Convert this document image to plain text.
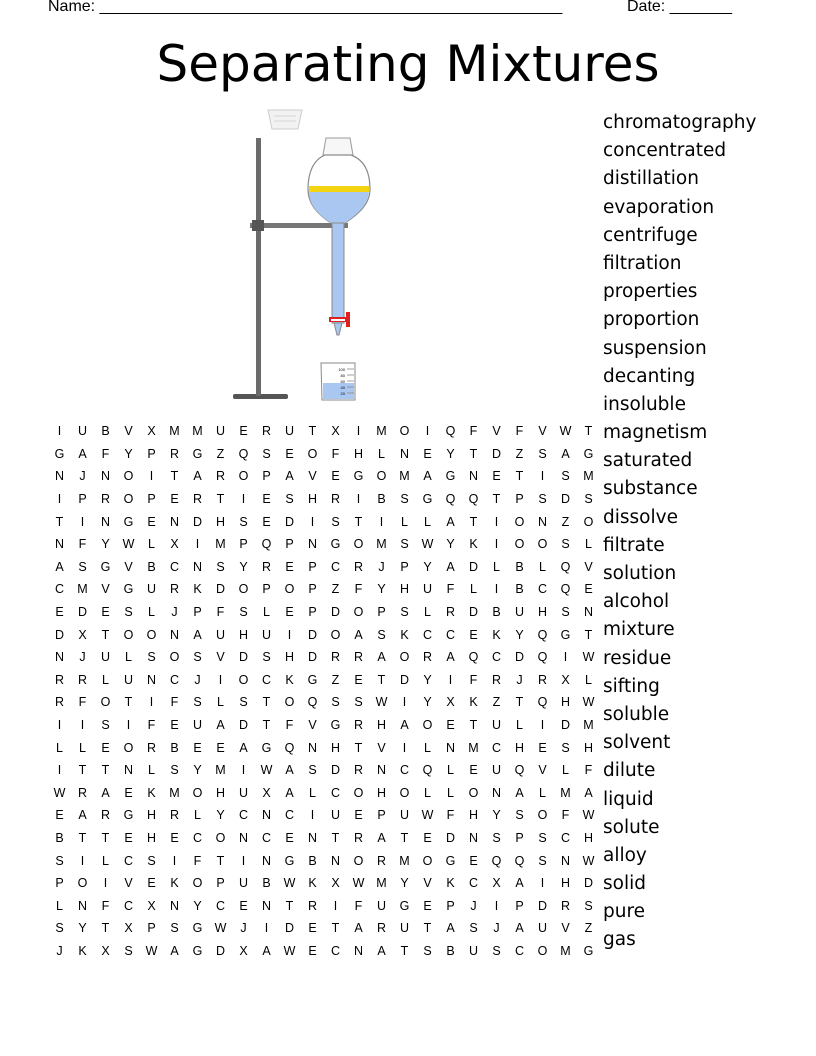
Name: ____________________________________________________	Date: _______
Separating Mixtures
100
80
60
40
20
I	U	B	V	X	M	M	U	E	R	U	T	X	I	M	O	I	Q	F	V	F	V	W	T
G	A	F	Y	P	R	G	Z	Q	S	E	O	F	H	L	N	E	Y	T	D	Z	S	A	G
N	J	N	O	I	T	A	R	O	P	A	V	E	G	O	M	A	G	N	E	T	I	S	M
I	P	R	O	P	E	R	T	I	E	S	H	R	I	B	S	G	Q	Q	T	P	S	D	S
T	I	N	G	E	N	D	H	S	E	D	I	S	T	I	L	L	A	T	I	O	N	Z	O
N	F	Y	W	L	X	I	M	P	Q	P	N	G	O	M	S	W	Y	K	I	O	O	S	L
A	S	G	V	B	C	N	S	Y	R	E	P	C	R	J	P	Y	A	D	L	B	L	Q	V
C	M	V	G	U	R	K	D	O	P	O	P	Z	F	Y	H	U	F	L	I	B	C	Q	E
E	D	E	S	L	J	P	F	S	L	E	P	D	O	P	S	L	R	D	B	U	H	S	N
D	X	T	O	O	N	A	U	H	U	I	D	O	A	S	K	C	C	E	K	Y	Q	G	T
N	J	U	L	S	O	S	V	D	S	H	D	R	R	A	O	R	A	Q	C	D	Q	I	W
R	R	L	U	N	C	J	I	O	C	K	G	Z	E	T	D	Y	I	F	R	J	R	X	L
R	F	O	T	I	F	S	L	S	T	O	Q	S	S	W	I	Y	X	K	Z	T	Q	H	W
I	I	S	I	F	E	U	A	D	T	F	V	G	R	H	A	O	E	T	U	L	I	D	M
L	L	E	O	R	B	E	E	A	G	Q	N	H	T	V	I	L	N	M	C	H	E	S	H
I	T	T	N	L	S	Y	M	I	W	A	S	D	R	N	C	Q	L	E	U	Q	V	L	F
W	R	A	E	K	M	O	H	U	X	A	L	C	O	H	O	L	L	O	N	A	L	M	A
E	A	R	G	H	R	L	Y	C	N	C	I	U	E	P	U	W	F	H	Y	S	O	F	W
B	T	T	E	H	E	C	O	N	C	E	N	T	R	A	T	E	D	N	S	P	S	C	H
S	I	L	C	S	I	F	T	I	N	G	B	N	O	R	M	O	G	E	Q	Q	S	N	W
P	O	I	V	E	K	O	P	U	B	W	K	X	W	M	Y	V	K	C	X	A	I	H	D
L	N	F	C	X	N	Y	C	E	N	T	R	I	F	U	G	E	P	J	I	P	D	R	S
S	Y	T	X	P	S	G	W	J	I	D	E	T	A	R	U	T	A	S	J	A	U	V	Z
J	K	X	S	W	A	G	D	X	A	W	E	C	N	A	T	S	B	U	S	C	O	M	G
chromatography
concentrated
distillation
evaporation
centrifuge
filtration
properties
proportion
suspension
decanting
insoluble
magnetism
saturated
substance
dissolve
filtrate
solution
alcohol
mixture
residue
sifting
soluble
solvent
dilute
liquid
solute
alloy
solid
pure
gas
